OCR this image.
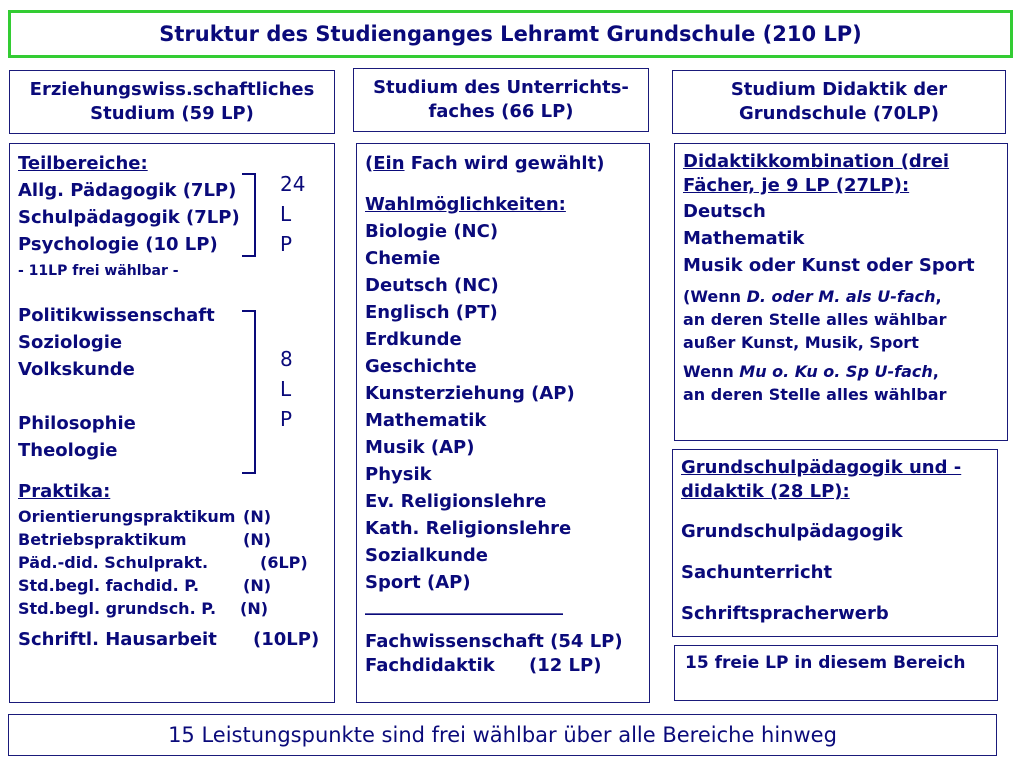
Struktur des Studienganges Lehramt Grundschule (210 LP)
Erziehungswiss.schaftliches
Studium (59 LP)
Studium des Unterrichts-
faches (66 LP)
Studium Didaktik der
Grundschule (70LP)
Teilbereiche:
Allg. Pädagogik (7LP)
Schulpädagogik (7LP)
Psychologie (10 LP)
- 11LP frei wählbar -
Politikwissenschaft
Soziologie
Volkskunde
Philosophie
Theologie
Praktika:
Orientierungspraktikum (N)
Betriebspraktikum	(N)
Päd.-did. Schulprakt.	(6LP)
Std.begl. fachdid. P.	(N)
Std.begl. grundsch. P.	(N)
Schriftl. Hausarbeit	(10LP)
24
L
P
8
L
P
(Ein Fach wird gewählt)
Wahlmöglichkeiten:
Biologie (NC)
Chemie
Deutsch (NC)
Englisch (PT)
Erdkunde
Geschichte
Kunsterziehung (AP)
Mathematik
Musik (AP)
Physik
Ev. Religionslehre
Kath. Religionslehre
Sozialkunde
Sport (AP)
______________________
Fachwissenschaft (54 LP)
Fachdidaktik	(12 LP)
Didaktikkombination (drei
Fächer, je 9 LP (27LP):
Deutsch
Mathematik
Musik oder Kunst oder Sport
(Wenn D. oder M. als U-fach,
an deren Stelle alles wählbar
außer Kunst, Musik, Sport
Wenn Mu o. Ku o. Sp U-fach,
an deren Stelle alles wählbar
Grundschulpädagogik und -
didaktik (28 LP):
Grundschulpädagogik
Sachunterricht
Schriftspracherwerb
15 freie LP in diesem Bereich
15 Leistungspunkte sind frei wählbar über alle Bereiche hinweg
